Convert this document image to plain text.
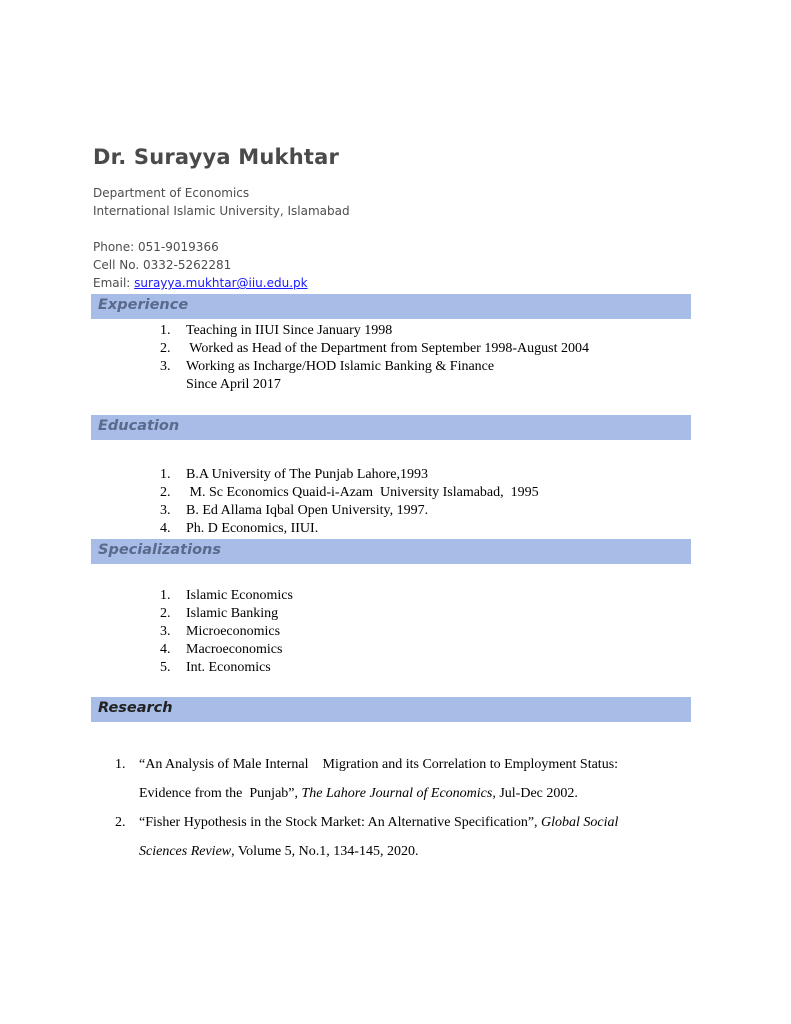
Dr. Surayya Mukhtar
Department of Economics
International Islamic University, Islamabad
Phone: 051-9019366
Cell No. 0332-5262281
Email: surayya.mukhtar@iiu.edu.pk
Experience
1.	Teaching in IIUI Since January 1998
2.	Worked as Head of the Department from September 1998-August 2004
3.	Working as Incharge/HOD Islamic Banking & Finance
Since April 2017
Education
1.	B.A University of The Punjab Lahore,1993
2.	M. Sc Economics Quaid-i-Azam  University Islamabad,  1995
3.	B. Ed Allama Iqbal Open University, 1997.
4.	Ph. D Economics, IIUI.
Specializations
1.	Islamic Economics
2.	Islamic Banking
3.	Microeconomics
4.	Macroeconomics
5.	Int. Economics
Research
1. “An Analysis of Male Internal    Migration and its Correlation to Employment Status:
Evidence from the  Punjab”, The Lahore Journal of Economics, Jul-Dec 2002.
2. “Fisher Hypothesis in the Stock Market: An Alternative Specification”, Global Social
Sciences Review, Volume 5, No.1, 134-145, 2020.
